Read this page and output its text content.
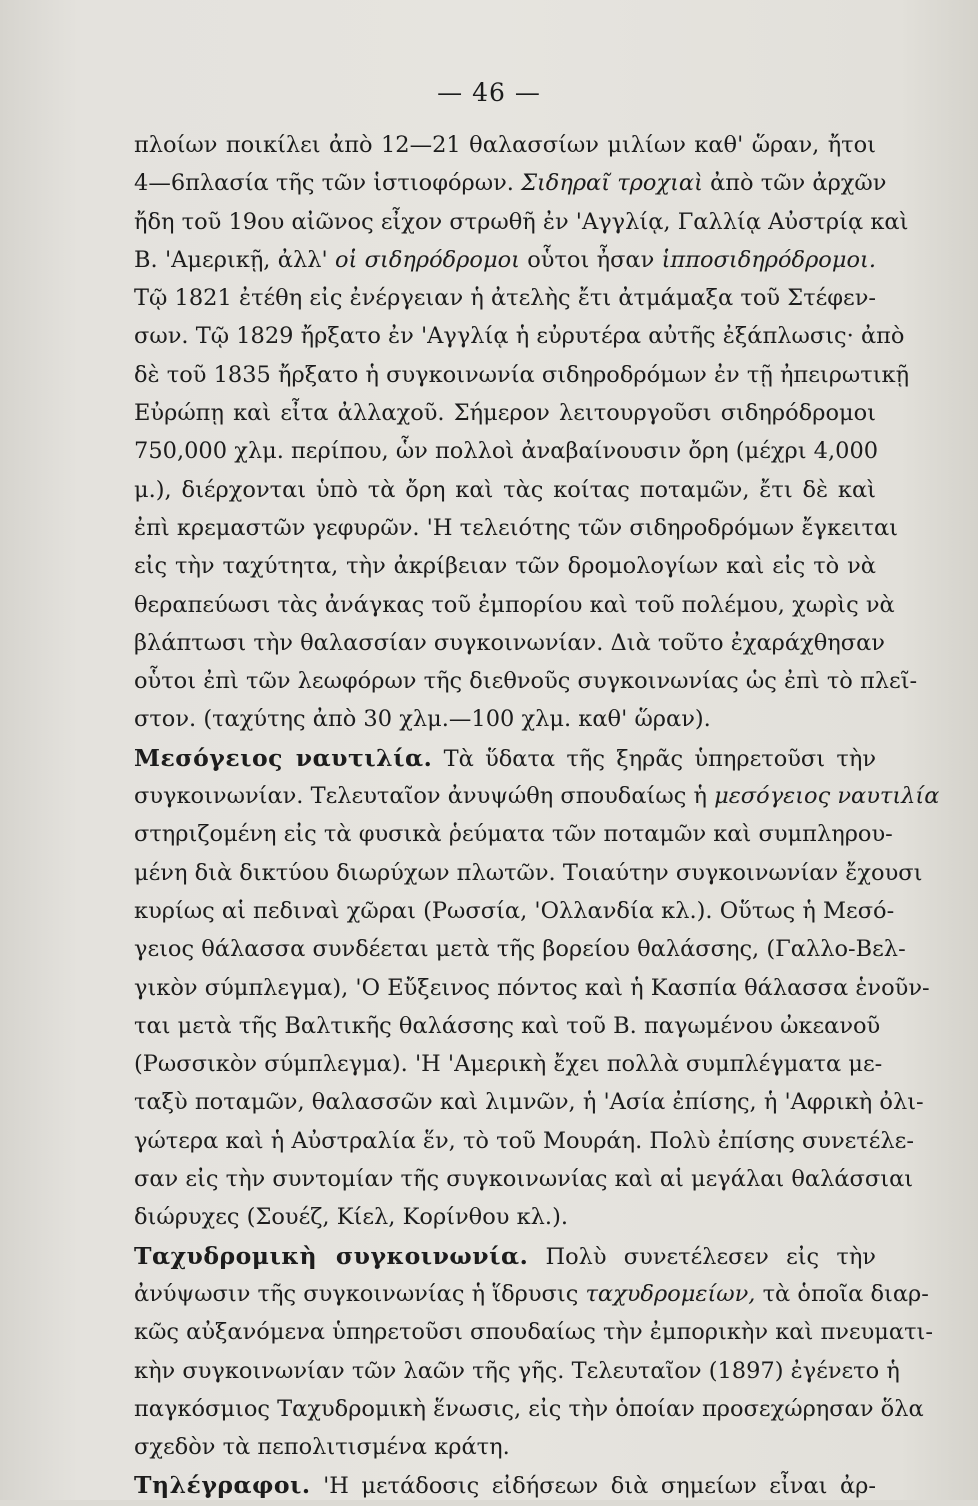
— 46 —
πλοίων ποικίλει ἀπὸ 12—21 θαλασσίων μιλίων καθ' ὥραν, ἤτοι
4—6πλασία τῆς τῶν ἱστιοφόρων. Σιδηραῖ τροχιαὶ ἀπὸ τῶν ἀρχῶν
ἤδη τοῦ 19ου αἰῶνος εἶχον στρωθῆ ἐν 'Αγγλίᾳ, Γαλλίᾳ Αὐστρίᾳ καὶ
Β. 'Αμερικῇ, ἀλλ' οἱ σιδηρόδρομοι οὗτοι ἦσαν ἱπποσιδηρόδρομοι.
Τῷ 1821 ἐτέθη εἰς ἐνέργειαν ἡ ἀτελὴς ἔτι ἀτμάμαξα τοῦ Στέφεν-
σων. Τῷ 1829 ἤρξατο ἐν 'Αγγλίᾳ ἡ εὐρυτέρα αὐτῆς ἐξάπλωσις· ἀπὸ
δὲ τοῦ 1835 ἤρξατο ἡ συγκοινωνία σιδηροδρόμων ἐν τῇ ἠπειρωτικῇ
Εὐρώπῃ καὶ εἶτα ἀλλαχοῦ. Σήμερον λειτουργοῦσι σιδηρόδρομοι
750,000 χλμ. περίπου, ὧν πολλοὶ ἀναβαίνουσιν ὄρη (μέχρι 4,000
μ.), διέρχονται ὑπὸ τὰ ὄρη καὶ τὰς κοίτας ποταμῶν, ἔτι δὲ καὶ
ἐπὶ κρεμαστῶν γεφυρῶν. 'Η τελειότης τῶν σιδηροδρόμων ἔγκειται
εἰς τὴν ταχύτητα, τὴν ἀκρίβειαν τῶν δρομολογίων καὶ εἰς τὸ νὰ
θεραπεύωσι τὰς ἀνάγκας τοῦ ἐμπορίου καὶ τοῦ πολέμου, χωρὶς νὰ
βλάπτωσι τὴν θαλασσίαν συγκοινωνίαν. Διὰ τοῦτο ἐχαράχθησαν
οὗτοι ἐπὶ τῶν λεωφόρων τῆς διεθνοῦς συγκοινωνίας ὡς ἐπὶ τὸ πλεῖ-
στον. (ταχύτης ἀπὸ 30 χλμ.—100 χλμ. καθ' ὥραν).
Μεσόγειος ναυτιλία. Τὰ ὕδατα τῆς ξηρᾶς ὑπηρετοῦσι τὴν
συγκοινωνίαν. Τελευταῖον ἀνυψώθη σπουδαίως ἡ μεσόγειος ναυτιλία
στηριζομένη εἰς τὰ φυσικὰ ῥεύματα τῶν ποταμῶν καὶ συμπληρου-
μένη διὰ δικτύου διωρύχων πλωτῶν. Τοιαύτην συγκοινωνίαν ἔχουσι
κυρίως αἱ πεδιναὶ χῶραι (Ρωσσία, 'Ολλανδία κλ.). Οὕτως ἡ Μεσό-
γειος θάλασσα συνδέεται μετὰ τῆς βορείου θαλάσσης, (Γαλλο-Βελ-
γικὸν σύμπλεγμα), 'Ο Εὔξεινος πόντος καὶ ἡ Κασπία θάλασσα ἑνοῦν-
ται μετὰ τῆς Βαλτικῆς θαλάσσης καὶ τοῦ Β. παγωμένου ὠκεανοῦ
(Ρωσσικὸν σύμπλεγμα). 'Η 'Αμερικὴ ἔχει πολλὰ συμπλέγματα με-
ταξὺ ποταμῶν, θαλασσῶν καὶ λιμνῶν, ἡ 'Ασία ἐπίσης, ἡ 'Αφρικὴ ὀλι-
γώτερα καὶ ἡ Αὐστραλία ἕν, τὸ τοῦ Μουράη. Πολὺ ἐπίσης συνετέλε-
σαν εἰς τὴν συντομίαν τῆς συγκοινωνίας καὶ αἱ μεγάλαι θαλάσσιαι
διώρυχες (Σουέζ, Κίελ, Κορίνθου κλ.).
Ταχυδρομικὴ συγκοινωνία. Πολὺ συνετέλεσεν εἰς τὴν
ἀνύψωσιν τῆς συγκοινωνίας ἡ ἵδρυσις ταχυδρομείων, τὰ ὁποῖα διαρ-
κῶς αὐξανόμενα ὑπηρετοῦσι σπουδαίως τὴν ἐμπορικὴν καὶ πνευματι-
κὴν συγκοινωνίαν τῶν λαῶν τῆς γῆς. Τελευταῖον (1897) ἐγένετο ἡ
παγκόσμιος Ταχυδρομικὴ ἕνωσις, εἰς τὴν ὁποίαν προσεχώρησαν ὅλα
σχεδὸν τὰ πεπολιτισμένα κράτη.
Τηλέγραφοι. 'Η μετάδοσις εἰδήσεων διὰ σημείων εἶναι ἀρ-
